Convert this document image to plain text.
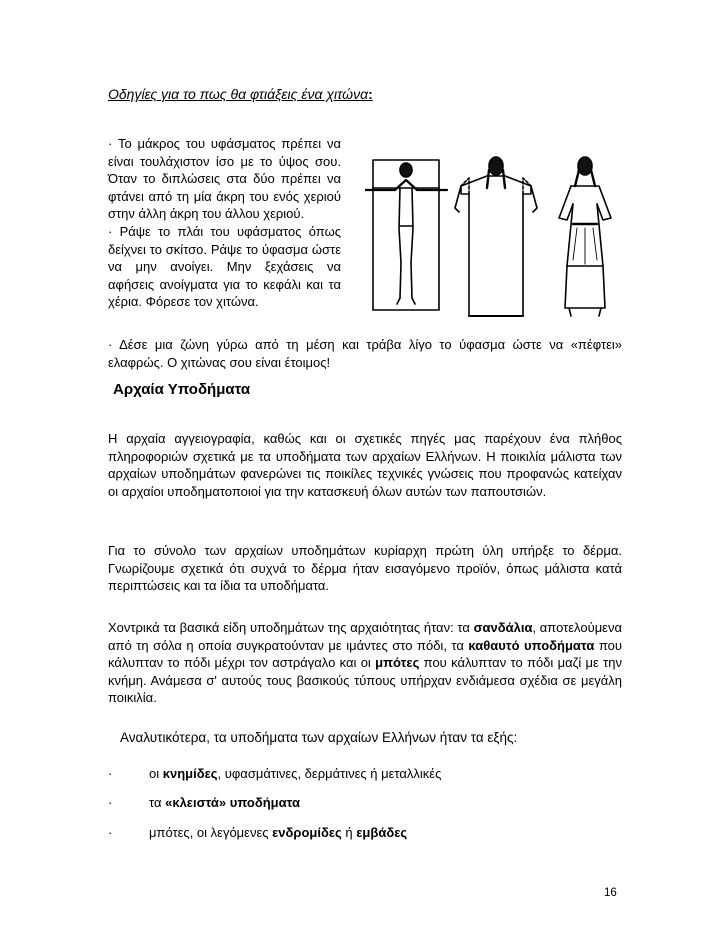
Οδηγίες για το πως θα φτιάξεις ένα χιτώνα:

· Το μάκρος του υφάσματος πρέπει να είναι τουλάχιστον ίσο με το ύψος σου. Όταν το διπλώσεις στα δύο πρέπει να φτάνει από τη μία άκρη του ενός χεριού στην άλλη άκρη του άλλου χεριού.

· Ράψε το πλάι του υφάσματος όπως δείχνει το σκίτσο. Ράψε το ύφασμα ώστε να μην ανοίγει. Μην ξεχάσεις να αφήσεις ανοίγματα για το κεφάλι και τα χέρια. Φόρεσε τον χιτώνα.

· Δέσε μια ζώνη γύρω από τη μέση και τράβα λίγο το ύφασμα ώστε να «πέφτει» ελαφρώς. Ο χιτώνας σου είναι έτοιμος!

Αρχαία Υποδήματα

Η αρχαία αγγειογραφία, καθώς και οι σχετικές πηγές μας παρέχουν ένα πλήθος πληροφοριών σχετικά με τα υποδήματα των αρχαίων Ελλήνων. Η ποικιλία μάλιστα των αρχαίων υποδημάτων φανερώνει τις ποικίλες τεχνικές γνώσεις που προφανώς κατείχαν οι αρχαίοι υποδηματοποιοί για την κατασκευή όλων αυτών των παπουτσιών.

Για το σύνολο των αρχαίων υποδημάτων κυρίαρχη πρώτη ύλη υπήρξε το δέρμα. Γνωρίζουμε σχετικά ότι συχνά το δέρμα ήταν εισαγόμενο προϊόν, όπως μάλιστα κατά περιπτώσεις και τα ίδια τα υποδήματα.

Χοντρικά τα βασικά είδη υποδημάτων της αρχαιότητας ήταν: τα σανδάλια, αποτελούμενα από τη σόλα η οποία συγκρατούνταν με ιμάντες στο πόδι, τα καθαυτό υποδήματα που κάλυπταν το πόδι μέχρι τον αστράγαλο και οι μπότες που κάλυπταν το πόδι μαζί με την κνήμη. Ανάμεσα σ' αυτούς τους βασικούς τύπους υπήρχαν ενδιάμεσα σχέδια σε μεγάλη ποικιλία.

Αναλυτικότερα, τα υποδήματα των αρχαίων Ελλήνων ήταν τα εξής:
·	οι κνημίδες, υφασμάτινες, δερμάτινες ή μεταλλικές
·	τα «κλειστά» υποδήματα
·	μπότες, οι λεγόμενες ενδρομίδες ή εμβάδες
16
